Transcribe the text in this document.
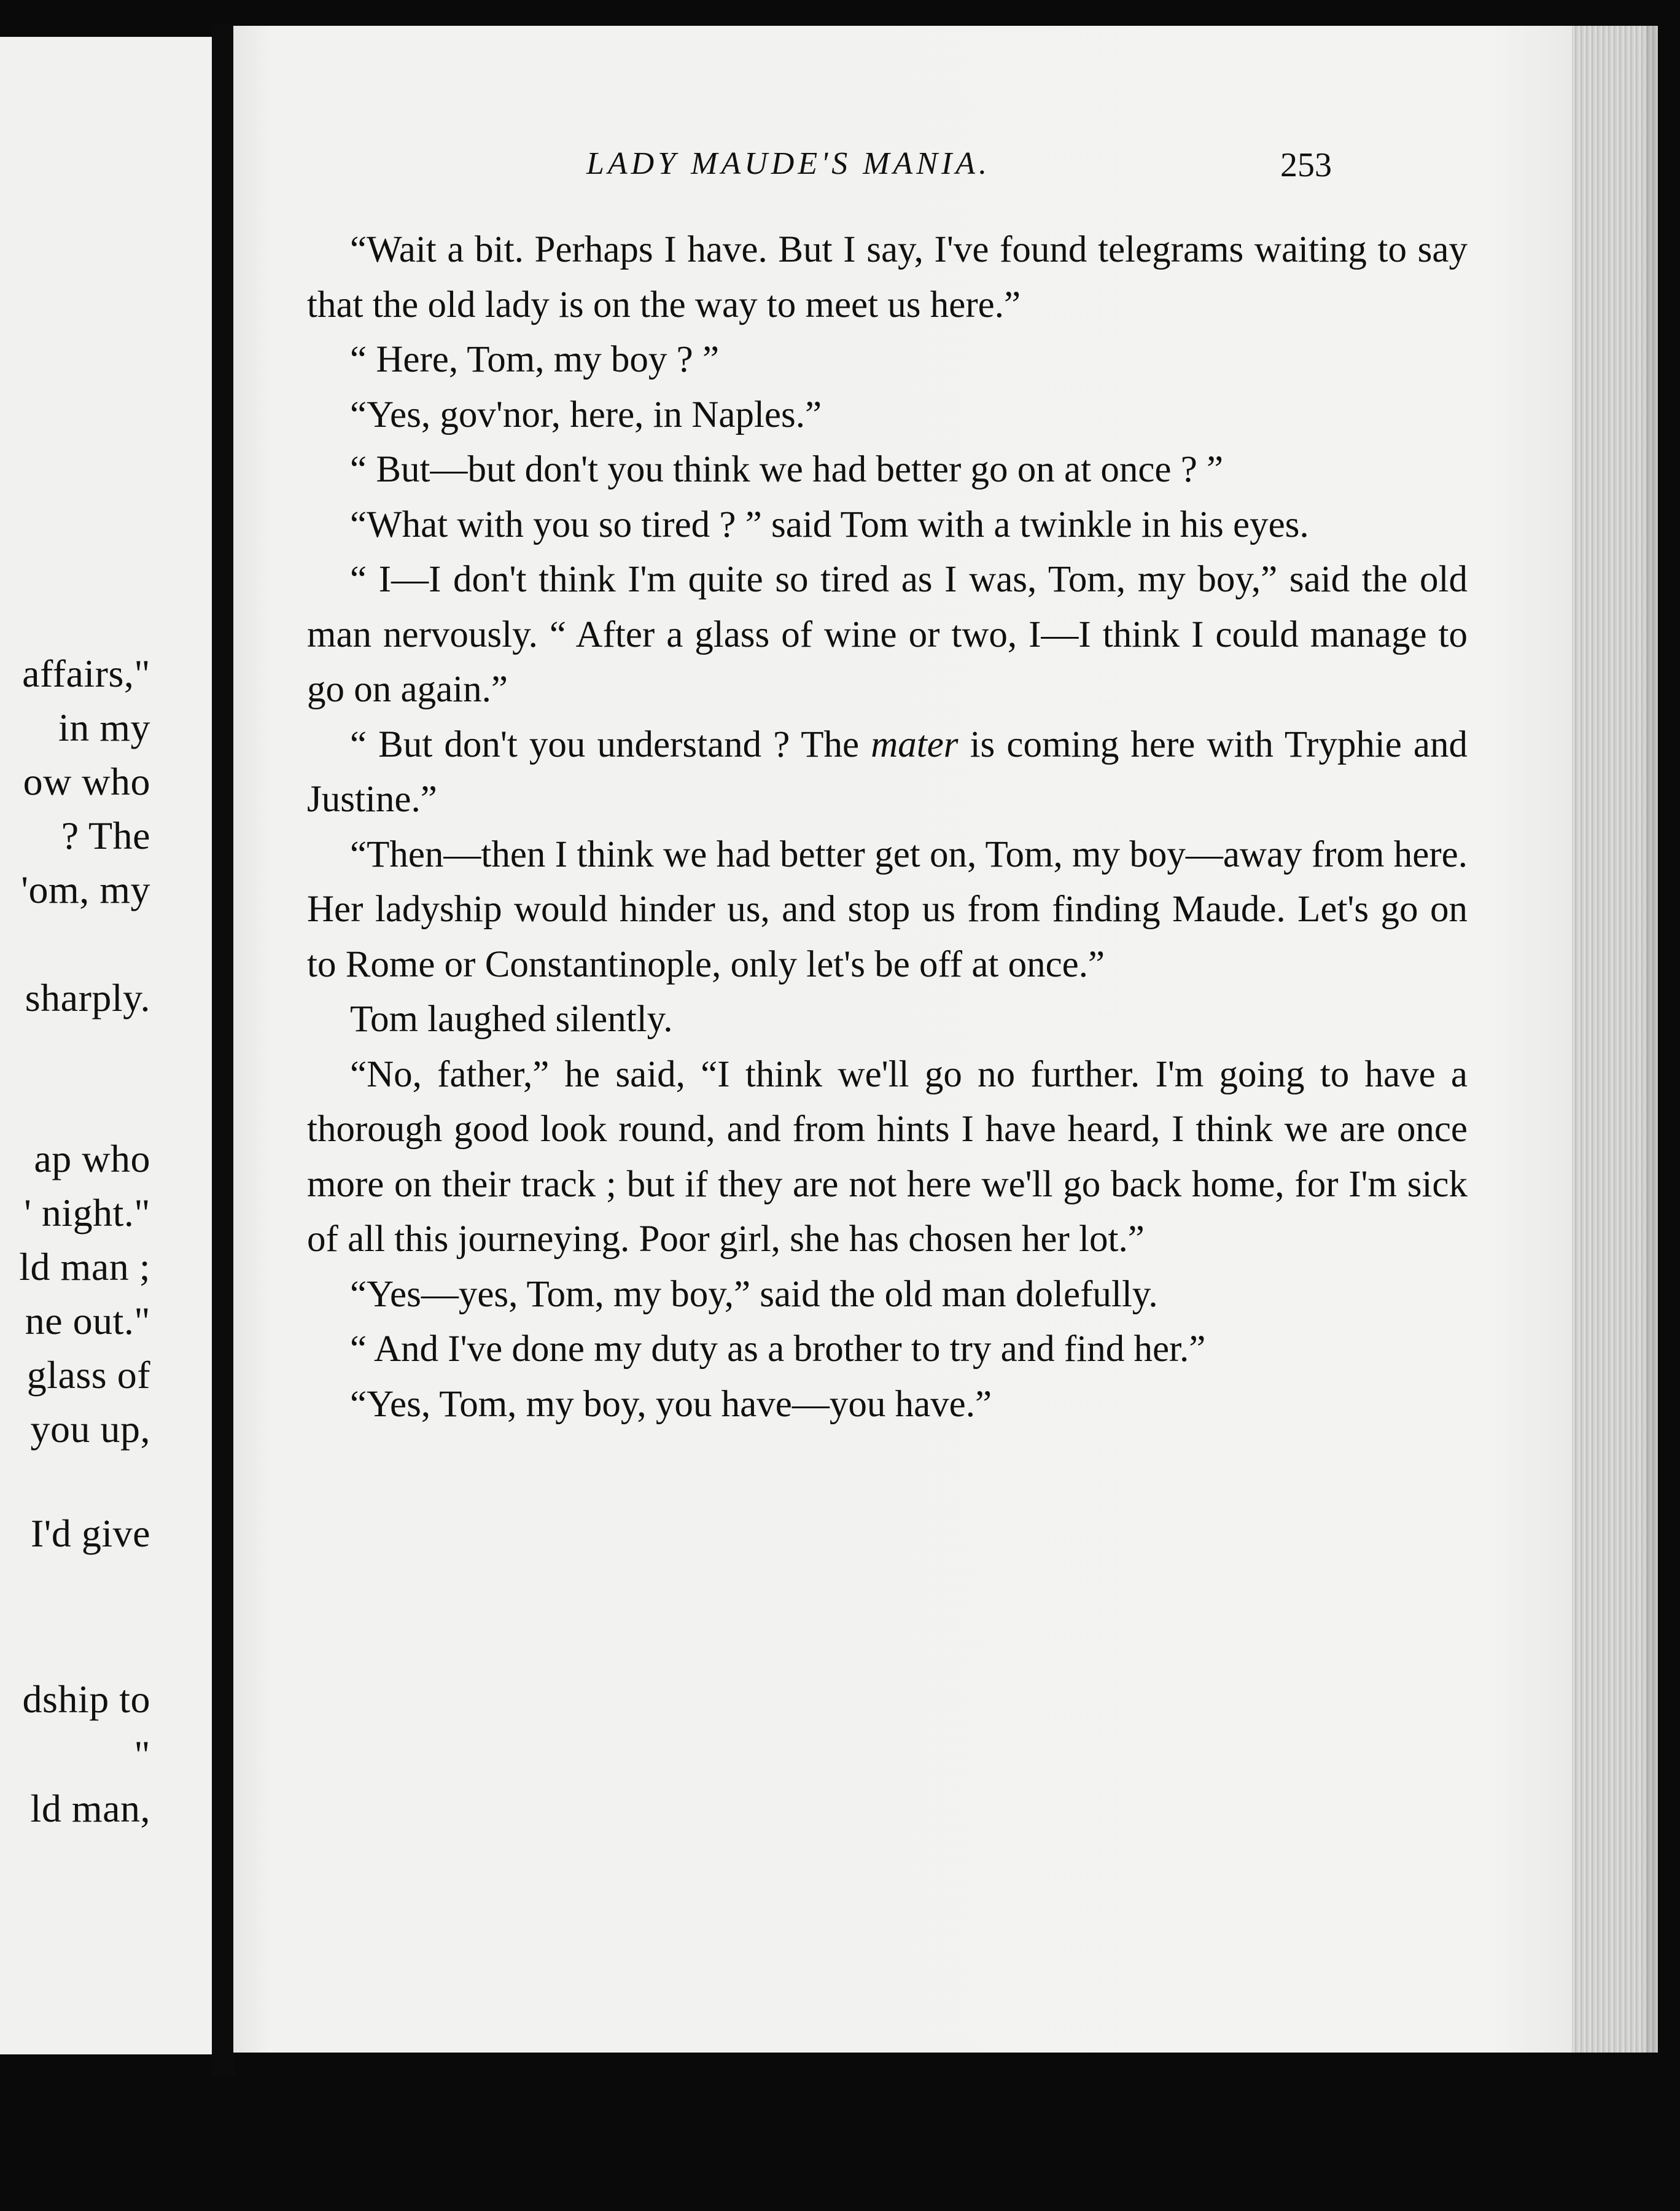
affairs,"
in my
ow who
? The
'om, my
sharply.
ap who
' night."
ld man ;
ne out."
glass of
you up,
I'd give
dship to
"
ld man,
LADY MAUDE'S MANIA.	253

“Wait a bit. Perhaps I have. But I say, I've found telegrams waiting to say that the old lady is on the way to meet us here.”

“ Here, Tom, my boy ? ”

“Yes, gov'nor, here, in Naples.”

“ But—but don't you think we had better go on at once ? ”

“What with you so tired ? ” said Tom with a twinkle in his eyes.

“ I—I don't think I'm quite so tired as I was, Tom, my boy,” said the old man nervously. “ After a glass of wine or two, I—I think I could manage to go on again.”

“ But don't you understand ? The mater is coming here with Tryphie and Justine.”

“Then—then I think we had better get on, Tom, my boy—away from here. Her ladyship would hinder us, and stop us from finding Maude. Let's go on to Rome or Constantinople, only let's be off at once.”

Tom laughed silently.

“No, father,” he said, “I think we'll go no further. I'm going to have a thorough good look round, and from hints I have heard, I think we are once more on their track ; but if they are not here we'll go back home, for I'm sick of all this journeying. Poor girl, she has chosen her lot.”

“Yes—yes, Tom, my boy,” said the old man dolefully.

“ And I've done my duty as a brother to try and find her.”

“Yes, Tom, my boy, you have—you have.”
